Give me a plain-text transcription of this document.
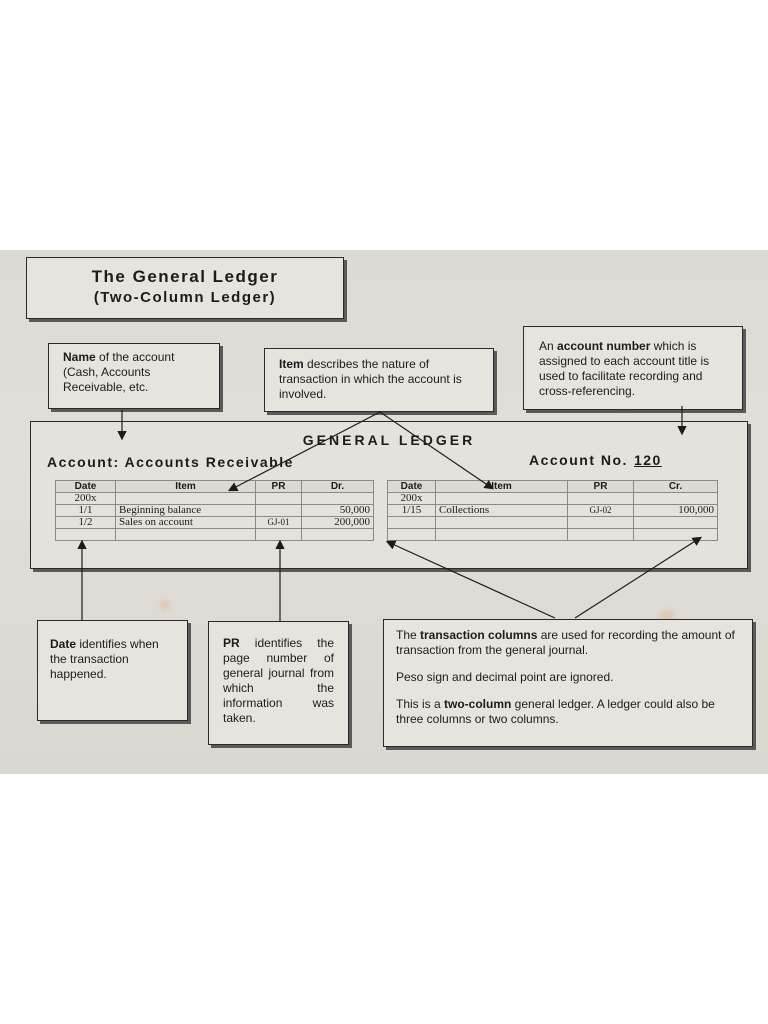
The General Ledger
(Two-Column Ledger)
Name of the account (Cash, Accounts Receivable, etc.
Item describes the nature of transaction in which the account is involved.
An account number which is assigned to each account title is used to facilitate recording and cross-referencing.
GENERAL LEDGER
Account: Accounts Receivable	Account No. 120
Date	Item	PR	Dr.
200x			
1/1	Beginning balance		50,000
1/2	Sales on account	GJ-01	200,000

Date	Item	PR	Cr.
200x			
1/15	Collections	GJ-02	100,000

Date identifies when the transaction happened.
PR identifies the page number of general journal from which the information was taken.

The transaction columns are used for recording the amount of transaction from the general journal.

Peso sign and decimal point are ignored.

This is a two-column general ledger. A ledger could also be three columns or two columns.
